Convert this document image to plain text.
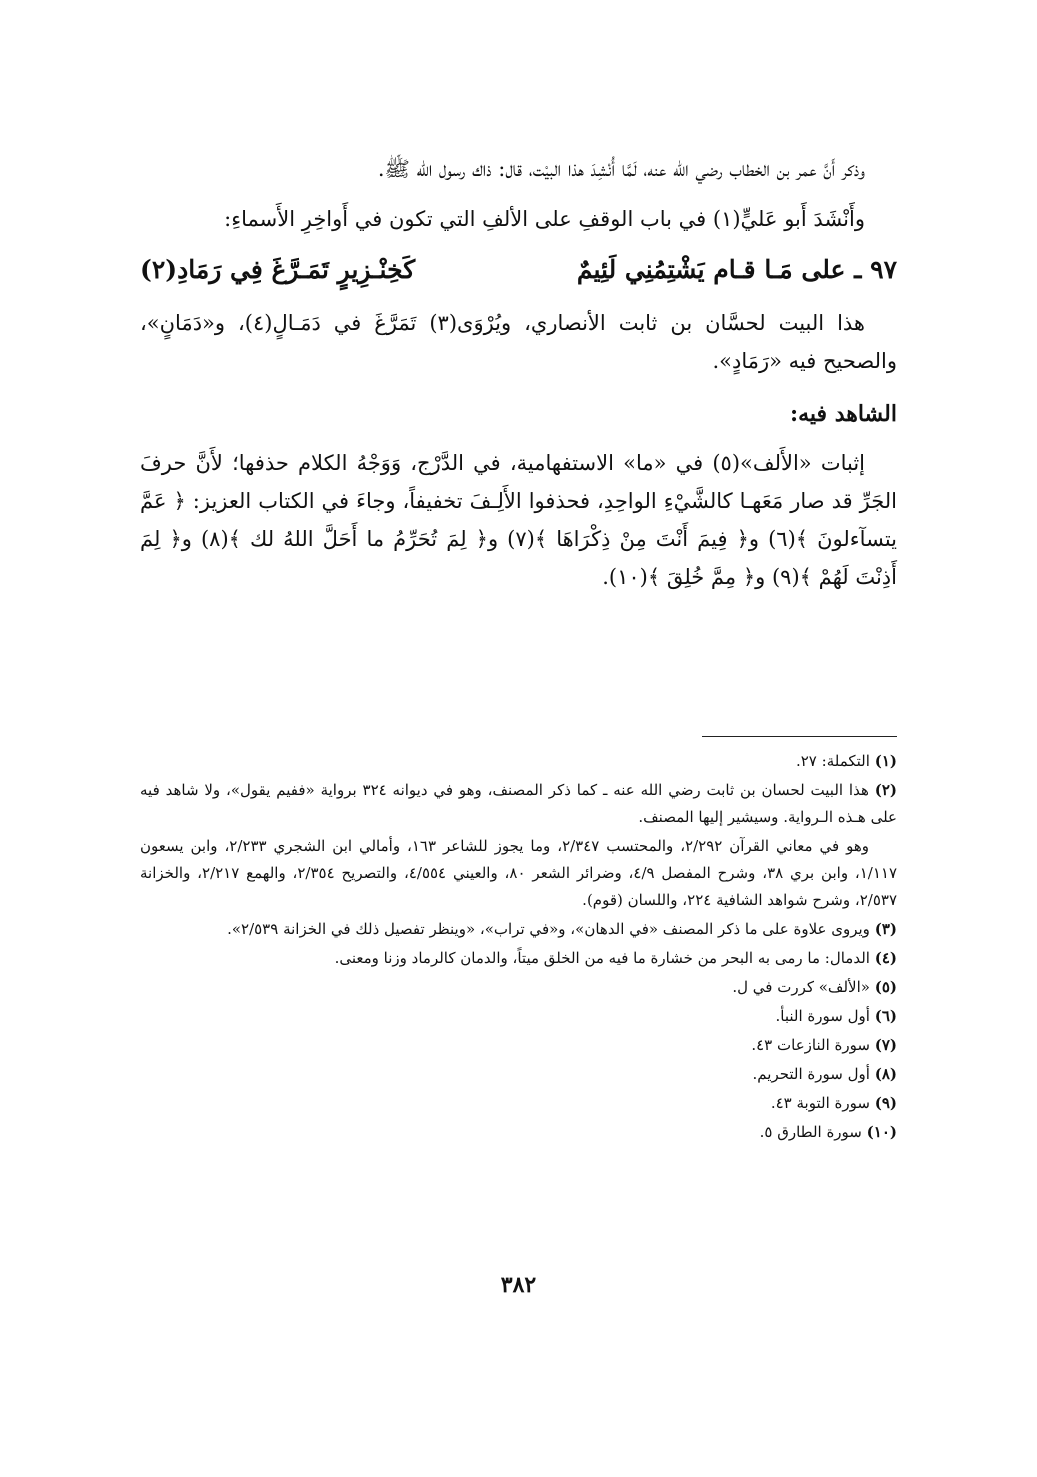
وذكر أَنَّ عمر بن الخطاب رضي الله عنه، لَمَّا أُنْشِدَ هذا البيْت، قال: ذاك رسول الله ﷺ.

وأَنْشَدَ أَبو عَليٍّ(١) في باب الوقفِ على الألفِ التي تكون في أَواخِرِ الأَسماءِ:

٩٧ ـ على مَـا قـام يَشْتِمُنِي لَئِيمٌ
كَخِنْـزِيرٍ تَمَـرَّغَ فِي رَمَادِ(٢)

هذا البيت لحسَّان بن ثابت الأنصاري، ويُرْوَى(٣) تَمَرَّغَ في دَمَـالٍ(٤)، و«دَمَانٍ»، والصحيح فيه «رَمَادٍ».

الشاهد فيه:

إثبات «الأَلف»(٥) في «ما» الاستفهامية، في الدَّرْج، وَوَجْهُ الكلام حذفها؛ لأَنَّ حرفَ الجَرِّ قد صار مَعَهـا كالشَّيْءِ الواحِدِ، فحذفوا الأَلِـفَ تخفيفاً، وجاءَ في الكتاب العزيز: ﴿ عَمَّ يتسآءلونَ ﴾(٦) و﴿ فِيمَ أَنْتَ مِنْ ذِكْرَاهَا ﴾(٧) و﴿ لِمَ تُحَرِّمُ ما أَحَلَّ اللهُ لك ﴾(٨) و﴿ لِمَ أَذِنْتَ لَهُمْ ﴾(٩) و﴿ مِمَّ خُلِقَ ﴾(١٠).

(١) التكملة: ٢٧.
(٢) هذا البيت لحسان بن ثابت رضي الله عنه ـ كما ذكر المصنف، وهو في ديوانه ٣٢٤ برواية «ففيم يقول»، ولا شاهد فيه على هـذه الـرواية. وسيشير إليها المصنف.
وهو في معاني القرآن ٢/٢٩٢، والمحتسب ٢/٣٤٧، وما يجوز للشاعر ١٦٣، وأمالي ابن الشجري ٢/٢٣٣، وابن يسعون ١/١١٧، وابن بري ٣٨، وشرح المفصل ٤/٩، وضرائر الشعر ٨٠، والعيني ٤/٥٥٤، والتصريح ٢/٣٥٤، والهمع ٢/٢١٧، والخزانة ٢/٥٣٧، وشرح شواهد الشافية ٢٢٤، واللسان (قوم).
(٣) ويروى علاوة على ما ذكر المصنف «في الدهان»، و«في تراب»، «وينظر تفصيل ذلك في الخزانة ٢/٥٣٩».
(٤) الدمال: ما رمى به البحر من خشارة ما فيه من الخلق ميتاً، والدمان كالرماد وزنا ومعنى.
(٥) «الألف» كررت في ل.
(٦) أول سورة النبأ.
(٧) سورة النازعات ٤٣.
(٨) أول سورة التحريم.
(٩) سورة التوبة ٤٣.
(١٠) سورة الطارق ٥.
٣٨٢
